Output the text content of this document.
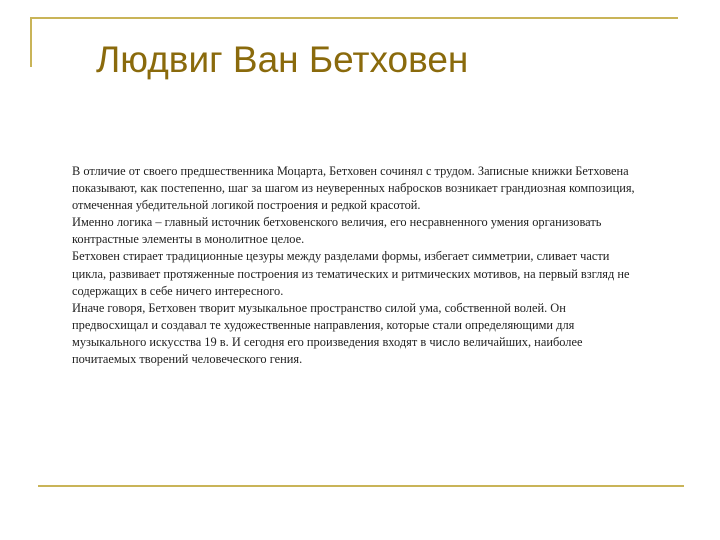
Людвиг Ван Бетховен

В отличие от своего предшественника Моцарта, Бетховен сочинял с трудом. Записные книжки Бетховена показывают, как постепенно, шаг за шагом из неуверенных набросков возникает грандиозная композиция, отмеченная убедительной логикой построения и редкой красотой.

Именно логика – главный источник бетховенского величия, его несравненного умения организовать контрастные элементы в монолитное целое.

Бетховен стирает традиционные цезуры между разделами формы, избегает симметрии, сливает части цикла, развивает протяженные построения из тематических и ритмических мотивов, на первый взгляд не содержащих в себе ничего интересного.

Иначе говоря, Бетховен творит музыкальное пространство силой ума, собственной волей. Он предвосхищал и создавал те художественные направления, которые стали определяющими для музыкального искусства 19 в. И сегодня его произведения входят в число величайших, наиболее почитаемых творений человеческого гения.
